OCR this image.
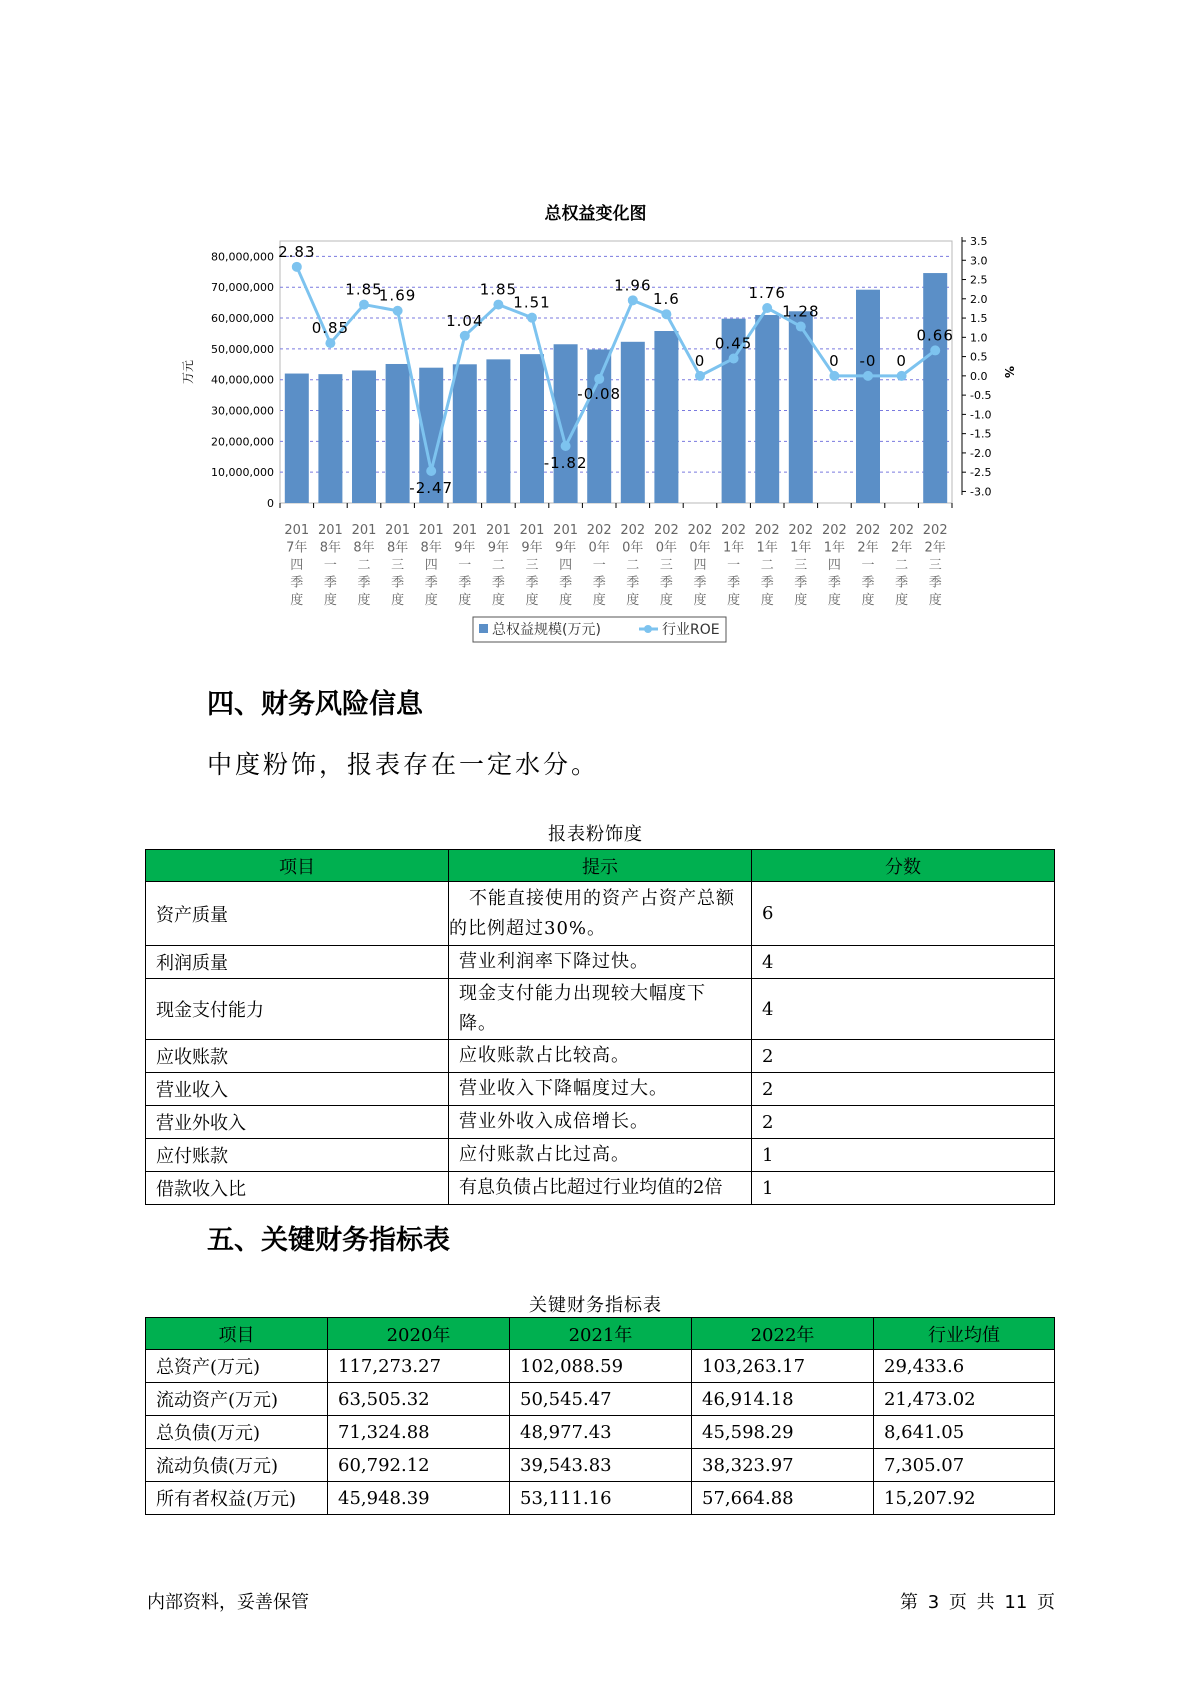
总权益变化图
0
10,000,000
20,000,000
30,000,000
40,000,000
50,000,000
60,000,000
70,000,000
80,000,000
3.5
3.0
2.5
2.0
1.5
1.0
0.5
0.0
-0.5
-1.0
-1.5
-2.0
-2.5
-3.0
万元	%
201
7年
四
季
度
201
8年
一
季
度
201
8年
二
季
度
201
8年
三
季
度
201
8年
四
季
度
201
9年
一
季
度
201
9年
二
季
度
201
9年
三
季
度
201
9年
四
季
度
202
0年
一
季
度
202
0年
二
季
度
202
0年
三
季
度
202
0年
四
季
度
202
1年
一
季
度
202
1年
二
季
度
202
1年
三
季
度
202
1年
四
季
度
202
2年
一
季
度
202
2年
二
季
度
202
2年
三
季
度
2.83
0.85
1.85
1.69
-2.47
1.04
1.85
1.51
-1.82
-0.08
1.96
1.6
0
0.45
1.76
1.28
0 -0 0
0.66
总权益规模(万元)	行业ROE
四、财务风险信息
中度粉饰，报表存在一定水分。
报表粉饰度
项目	提示	分数
资产质量	不能直接使用的资产占资产总额
的比例超过30%。	6
利润质量	营业利润率下降过快。	4
现金支付能力	现金支付能力出现较大幅度下降。	4
应收账款	应收账款占比较高。	2
营业收入	营业收入下降幅度过大。	2
营业外收入	营业外收入成倍增长。	2
应付账款	应付账款占比过高。	1
借款收入比	有息负债占比超过行业均值的2倍	1
五、关键财务指标表
关键财务指标表
项目	2020年	2021年	2022年	行业均值
总资产(万元)	117,273.27	102,088.59	103,263.17	29,433.6
流动资产(万元)	63,505.32	50,545.47	46,914.18	21,473.02
总负债(万元)	71,324.88	48,977.43	45,598.29	8,641.05
流动负债(万元)	60,792.12	39,543.83	38,323.97	7,305.07
所有者权益(万元)	45,948.39	53,111.16	57,664.88	15,207.92
内部资料，妥善保管	第 3 页 共 11 页
